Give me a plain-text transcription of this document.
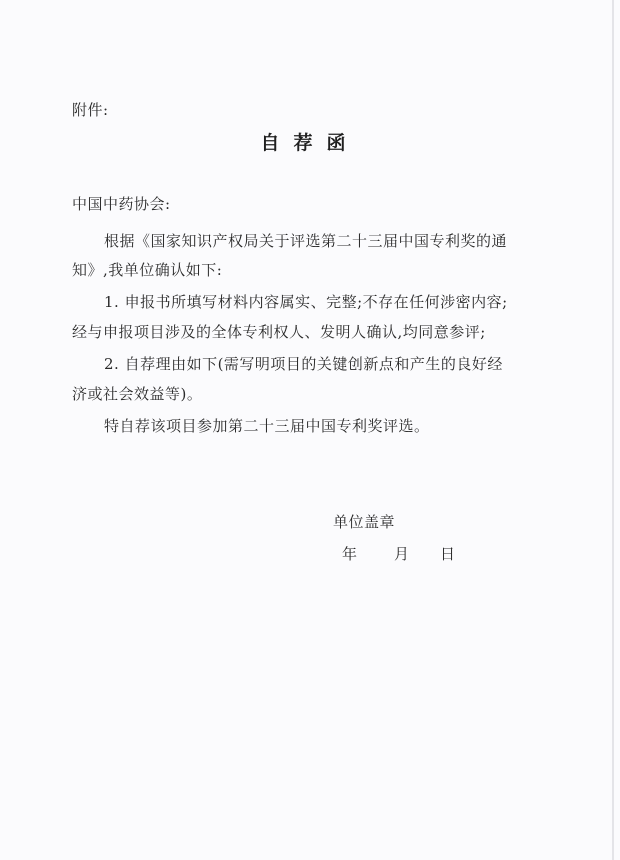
附件:
自荐函
中国中药协会:
根据《国家知识产权局关于评选第二十三届中国专利奖的通
知》,我单位确认如下:
1. 申报书所填写材料内容属实、完整;不存在任何涉密内容;
经与申报项目涉及的全体专利权人、发明人确认,均同意参评;
2. 自荐理由如下(需写明项目的关键创新点和产生的良好经
济或社会效益等)。
特自荐该项目参加第二十三届中国专利奖评选。
单位盖章
年 月 日
